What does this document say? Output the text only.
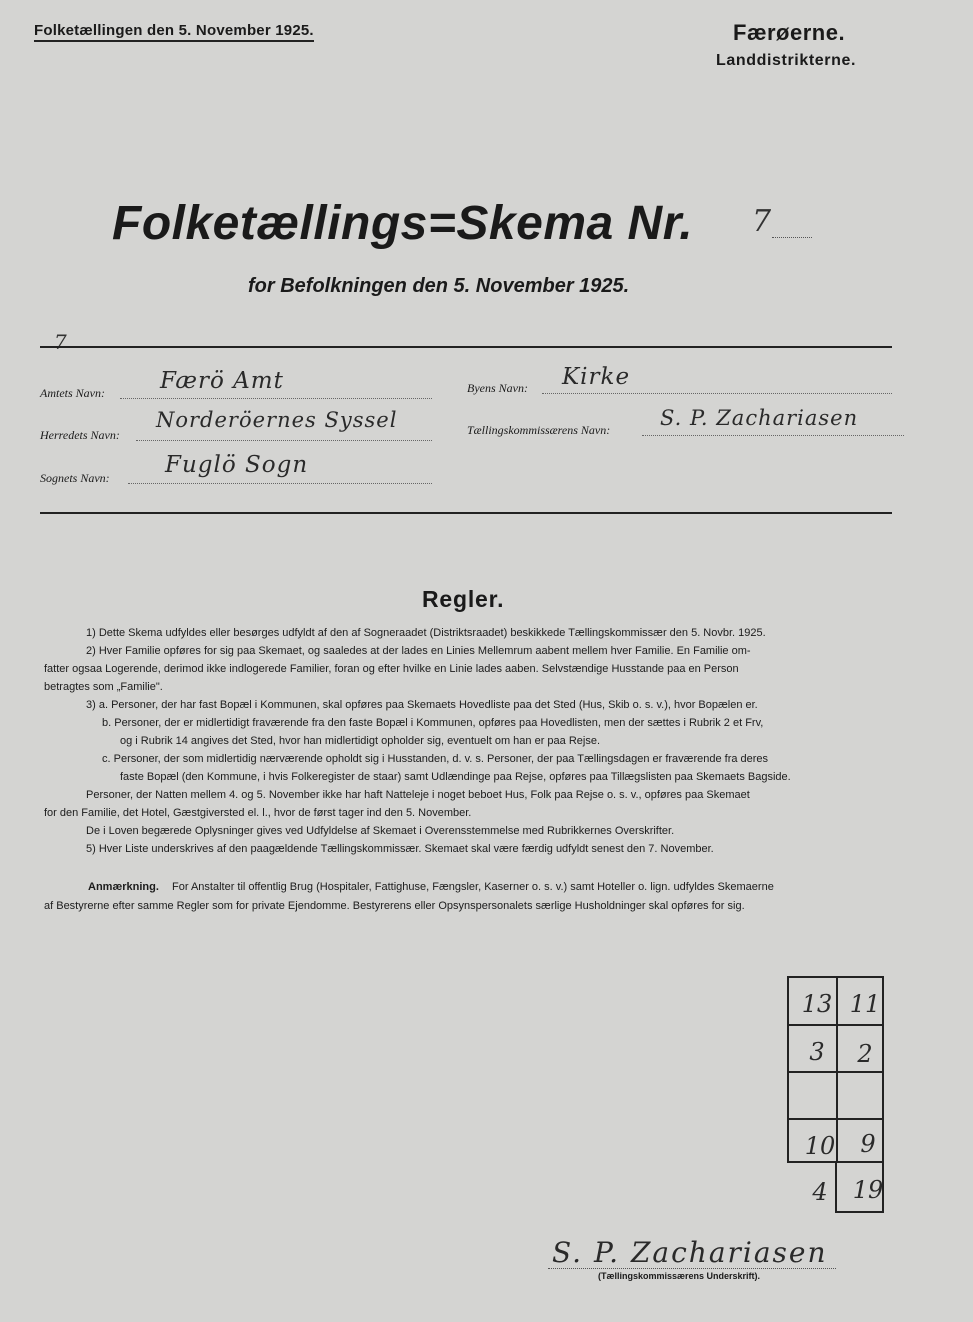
Folketællingen den 5. November 1925.	Færøerne.
Landdistrikterne.
Folketællings=Skema Nr. 7
for Befolkningen den 5. November 1925.
7
Amtets Navn: Færö Amt	Byens Navn: Kirke
Herredets Navn:
Norderöernes Syssel	Tællingskommissærens Navn: S. P. Zachariasen
Sognets Navn: Fuglö Sogn
Regler.
1) Dette Skema udfyldes eller besørges udfyldt af den af Sogneraadet (Distriktsraadet) beskikkede Tællingskommissær den 5. Novbr. 1925.
2) Hver Familie opføres for sig paa Skemaet, og saaledes at der lades en Linies Mellemrum aabent mellem hver Familie. En Familie om-
fatter ogsaa Logerende, derimod ikke indlogerede Familier, foran og efter hvilke en Linie lades aaben. Selvstændige Husstande paa en Person
betragtes som „Familie".
3) a. Personer, der har fast Bopæl i Kommunen, skal opføres paa Skemaets Hovedliste paa det Sted (Hus, Skib o. s. v.), hvor Bopælen er.
b. Personer, der er midlertidigt fraværende fra den faste Bopæl i Kommunen, opføres paa Hovedlisten, men der sættes i Rubrik 2 et Frv,
og i Rubrik 14 angives det Sted, hvor han midlertidigt opholder sig, eventuelt om han er paa Rejse.
c. Personer, der som midlertidig nærværende opholdt sig i Husstanden, d. v. s. Personer, der paa Tællingsdagen er fraværende fra deres
faste Bopæl (den Kommune, i hvis Folkeregister de staar) samt Udlændinge paa Rejse, opføres paa Tillægslisten paa Skemaets Bagside.
Personer, der Natten mellem 4. og 5. November ikke har haft Natteleje i noget beboet Hus, Folk paa Rejse o. s. v., opføres paa Skemaet
for den Familie, det Hotel, Gæstgiversted el. l., hvor de først tager ind den 5. November.
De i Loven begærede Oplysninger gives ved Udfyldelse af Skemaet i Overensstemmelse med Rubrikkernes Overskrifter.
5) Hver Liste underskrives af den paagældende Tællingskommissær. Skemaet skal være færdig udfyldt senest den 7. November.
Anmærkning. For Anstalter til offentlig Brug (Hospitaler, Fattighuse, Fængsler, Kaserner o. s. v.) samt Hoteller o. lign. udfyldes Skemaerne
af Bestyrerne efter samme Regler som for private Ejendomme. Bestyrerens eller Opsynspersonalets særlige Husholdninger skal opføres for sig.
13 11
3	2
10	9
4	19
S. P. Zachariasen
(Tællingskommissærens Underskrift).
